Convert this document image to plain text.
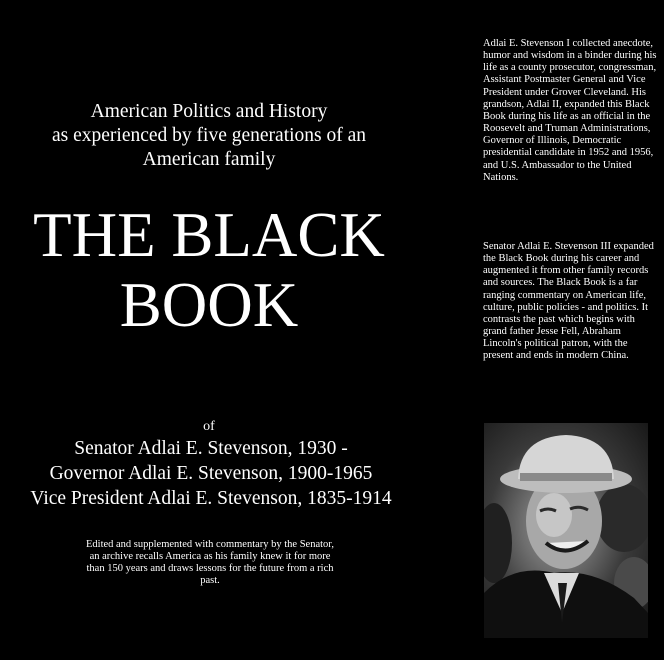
American Politics and History
as experienced by five generations of an
American family
THE BLACK
BOOK
of
Senator Adlai E. Stevenson, 1930 -
Governor Adlai E. Stevenson, 1900-1965
Vice President Adlai E. Stevenson, 1835-1914
Edited and supplemented with commentary by the Senator, an archive recalls America as his family knew it for more than 150 years and draws lessons for the future from a rich past.
Adlai E. Stevenson I collected anecdote, humor and wisdom in a binder during his life as a county prosecutor, congressman, Assistant Postmaster General and Vice President under Grover Cleveland. His grandson, Adlai II, expanded this Black Book during his life as an official in the Roosevelt and Truman Administrations, Governor of Illinois, Democratic presidential candidate in 1952 and 1956, and U.S. Ambassador to the United Nations.
Senator Adlai E. Stevenson III expanded the Black Book during his career and augmented it from other family records and sources. The Black Book is a far ranging commentary on American life, culture, public policies - and politics. It contrasts the past which begins with grand father Jesse Fell, Abraham Lincoln's political patron, with the present and ends in modern China.
